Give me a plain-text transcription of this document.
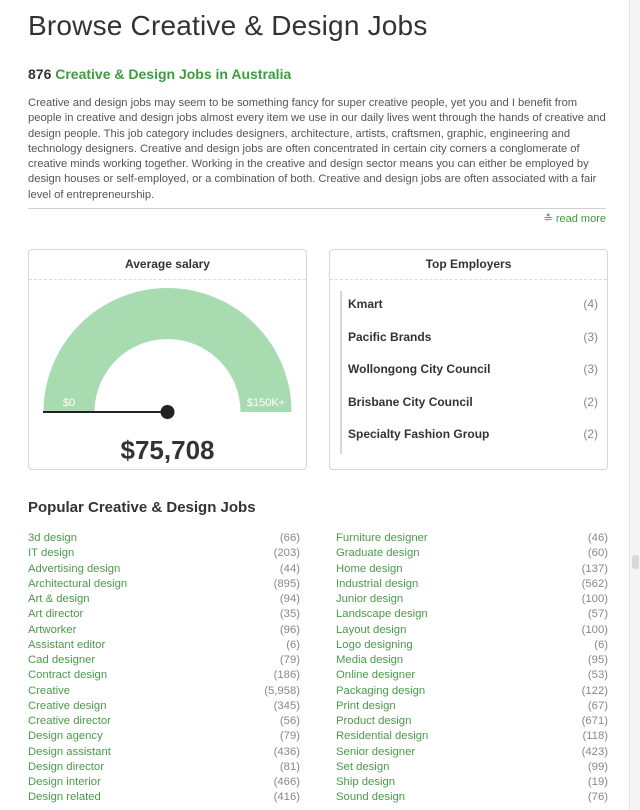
Browse Creative & Design Jobs
876 Creative & Design Jobs in Australia
Creative and design jobs may seem to be something fancy for super creative people, yet you and I benefit from people in creative and design jobs almost every item we use in our daily lives went through the hands of creative and design people. This job category includes designers, architecture, artists, craftsmen, graphic, engineering and technology designers. Creative and design jobs are often concentrated in certain city corners a conglomerate of creative minds working together. Working in the creative and design sector means you can either be employed by design houses or self-employed, or a combination of both. Creative and design jobs are often associated with a fair level of entrepreneurship.
≛ read more
Average salary
$0	$150K+
$75,708
Top Employers
Kmart	(4)
Pacific Brands	(3)
Wollongong City Council	(3)
Brisbane City Council	(2)
Specialty Fashion Group	(2)
Popular Creative & Design Jobs
3d design	(66)
IT design	(203)
Advertising design	(44)
Architectural design	(895)
Art & design	(94)
Art director	(35)
Artworker	(96)
Assistant editor	(6)
Cad designer	(79)
Contract design	(186)
Creative	(5,958)
Creative design	(345)
Creative director	(56)
Design agency	(79)
Design assistant	(436)
Design director	(81)
Design interior	(466)
Design related	(416)
Furniture designer	(46)
Graduate design	(60)
Home design	(137)
Industrial design	(562)
Junior design	(100)
Landscape design	(57)
Layout design	(100)
Logo designing	(6)
Media design	(95)
Online designer	(53)
Packaging design	(122)
Print design	(67)
Product design	(671)
Residential design	(118)
Senior designer	(423)
Set design	(99)
Ship design	(19)
Sound design	(76)
